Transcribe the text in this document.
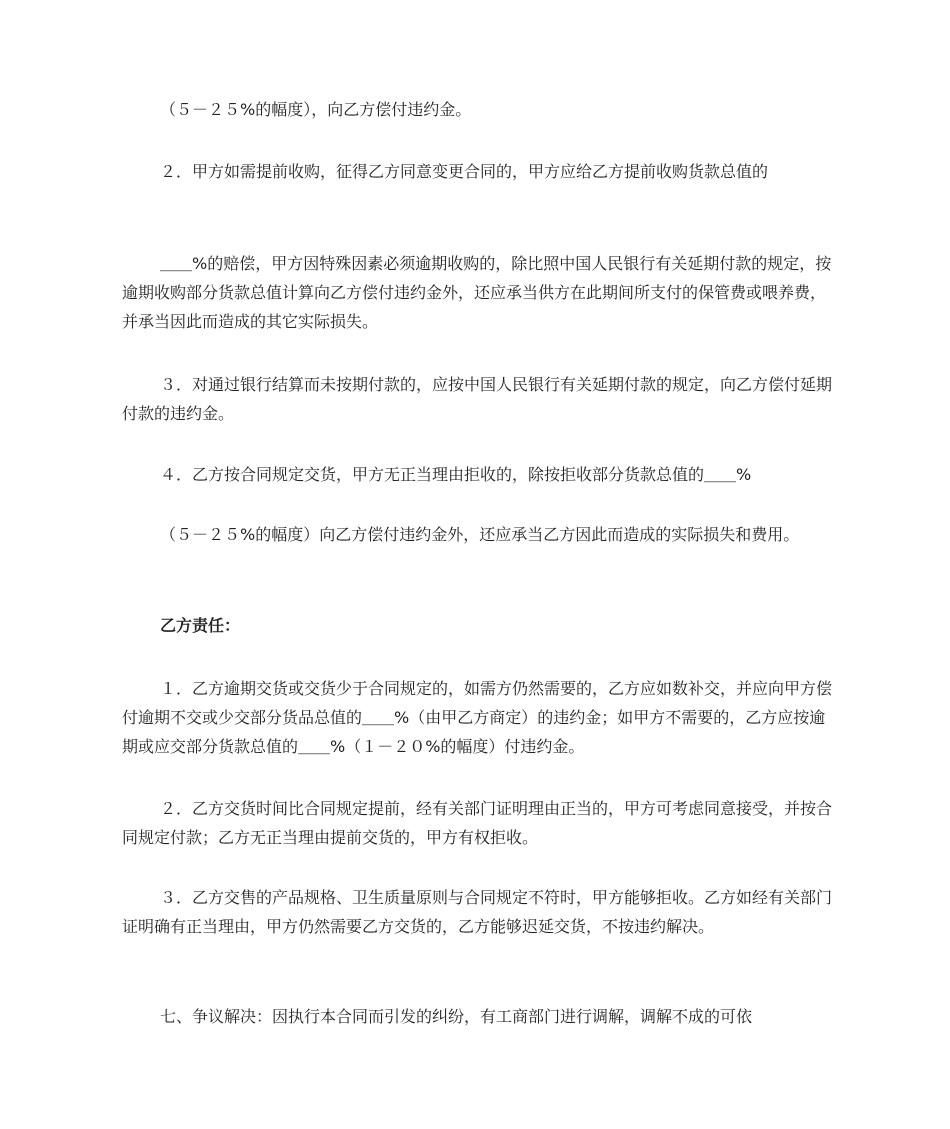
（５－２５%的幅度），向乙方偿付违约金。

２．甲方如需提前收购，征得乙方同意变更合同的，甲方应给乙方提前收购货款总值的

＿＿%的赔偿，甲方因特殊因素必须逾期收购的，除比照中国人民银行有关延期付款的规定，按逾期收购部分货款总值计算向乙方偿付违约金外，还应承当供方在此期间所支付的保管费或喂养费，并承当因此而造成的其它实际损失。

３．对通过银行结算而未按期付款的，应按中国人民银行有关延期付款的规定，向乙方偿付延期付款的违约金。

４．乙方按合同规定交货，甲方无正当理由拒收的，除按拒收部分货款总值的＿＿%

（５－２５%的幅度）向乙方偿付违约金外，还应承当乙方因此而造成的实际损失和费用。

乙方责任：

１．乙方逾期交货或交货少于合同规定的，如需方仍然需要的，乙方应如数补交，并应向甲方偿付逾期不交或少交部分货品总值的＿＿%（由甲乙方商定）的违约金；如甲方不需要的，乙方应按逾期或应交部分货款总值的＿＿%（１－２０%的幅度）付违约金。

２．乙方交货时间比合同规定提前，经有关部门证明理由正当的，甲方可考虑同意接受，并按合同规定付款；乙方无正当理由提前交货的，甲方有权拒收。

３．乙方交售的产品规格、卫生质量原则与合同规定不符时，甲方能够拒收。乙方如经有关部门证明确有正当理由，甲方仍然需要乙方交货的，乙方能够迟延交货，不按违约解决。

七、争议解决：因执行本合同而引发的纠纷，有工商部门进行调解，调解不成的可依
